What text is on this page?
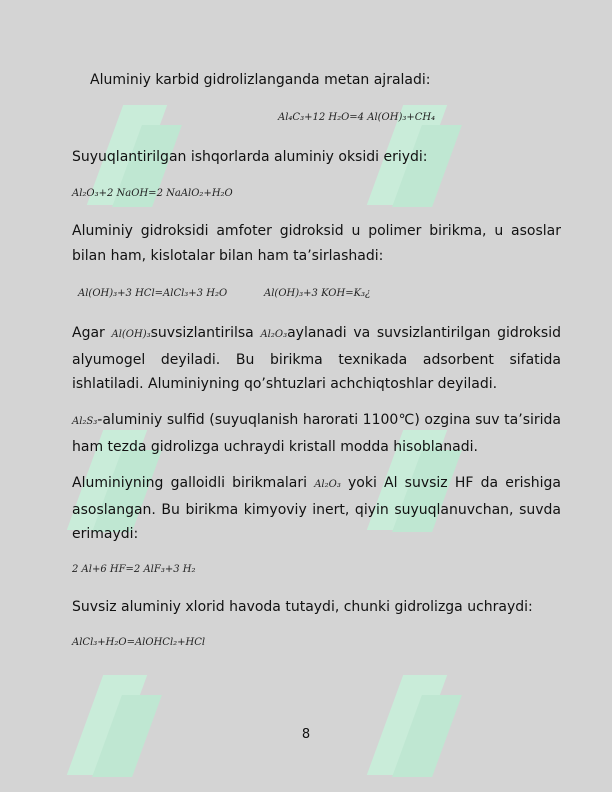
Aluminiy karbid gidrolizlanganda metan ajraladi:
Al₄C₃+12 H₂O=4 Al(OH)₃+CH₄
Suyuqlantirilgan ishqorlarda aluminiy oksidi eriydi:
Al₂O₃+2 NaOH=2 NaAlO₂+H₂O
Aluminiy gidroksidi amfoter gidroksid u polimer birikma, u asoslar bilan ham, kislotalar bilan ham ta’sirlashadi:
Al(OH)₃+3 HCl=AlCl₃+3 H₂O	Al(OH)₃+3 KOH=K₃¿
Agar Al(OH)₃suvsizlantirilsa Al₂O₃aylanadi va suvsizlantirilgan gidroksid alyumogel deyiladi. Bu birikma texnikada adsorbent sifatida ishlatiladi. Aluminiyning qo’shtuzlari achchiqtoshlar deyiladi.
Al₂S₃-aluminiy sulfid (suyuqlanish harorati 1100℃) ozgina suv ta’sirida ham tezda gidrolizga uchraydi kristall modda hisoblanadi.
Aluminiyning galloidli birikmalari Al₂O₃ yoki Al suvsiz HF da erishiga asoslangan. Bu birikma kimyoviy inert, qiyin suyuqlanuvchan, suvda erimaydi:
2 Al+6 HF=2 AlF₃+3 H₂
Suvsiz aluminiy xlorid havoda tutaydi, chunki gidrolizga uchraydi:
AlCl₃+H₂O=AlOHCl₂+HCl
8
